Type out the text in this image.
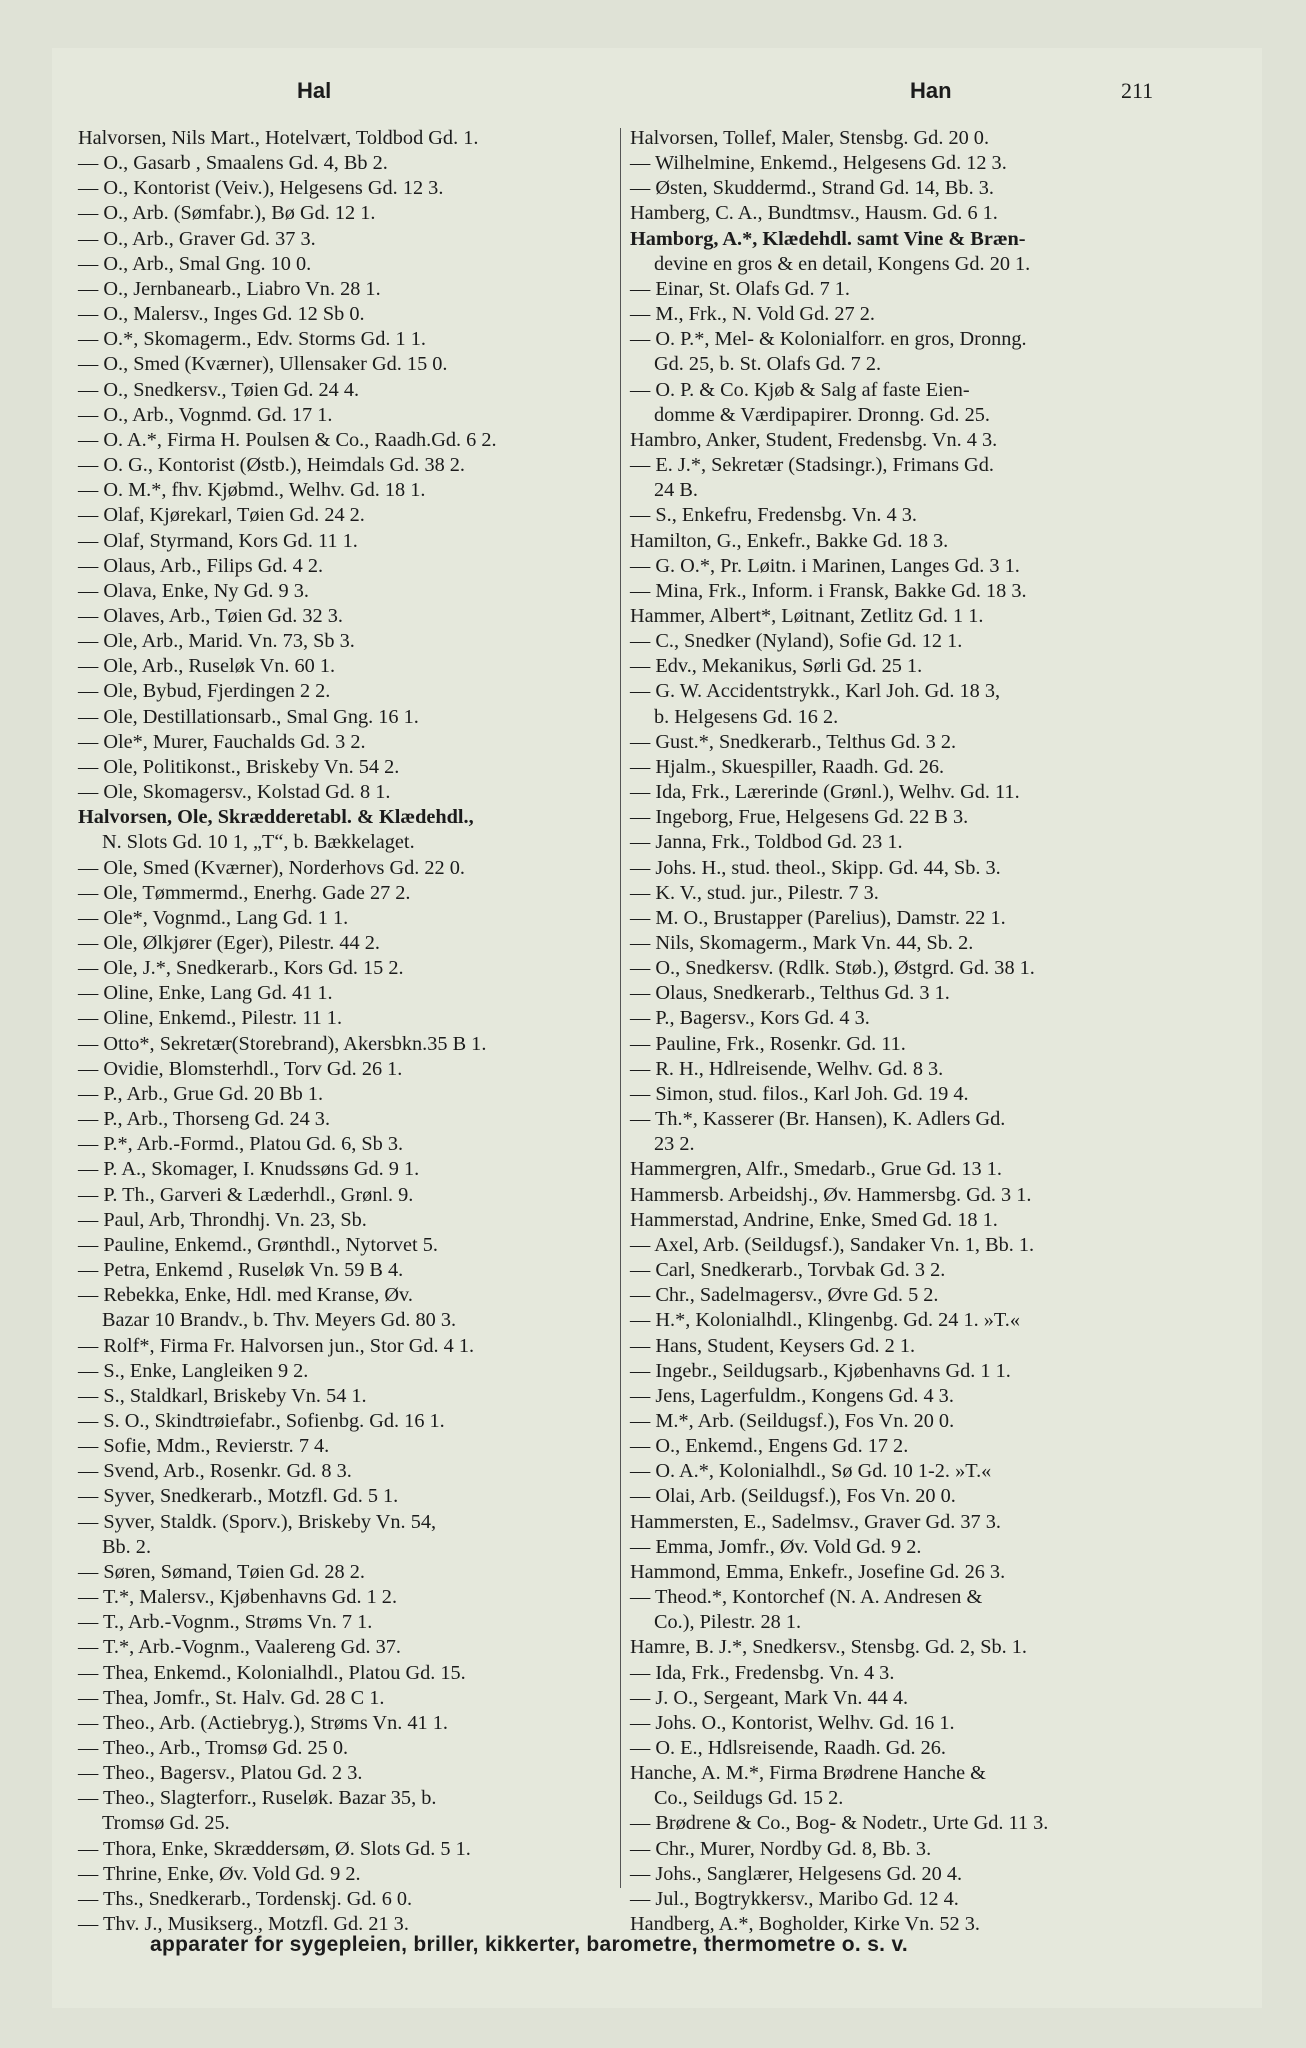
Hal	Han	211
Halvorsen, Nils Mart., Hotelvært, Toldbod Gd. 1.
— O., Gasarb , Smaalens Gd. 4, Bb 2.
— O., Kontorist (Veiv.), Helgesens Gd. 12 3.
— O., Arb. (Sømfabr.), Bø Gd. 12 1.
— O., Arb., Graver Gd. 37 3.
— O., Arb., Smal Gng. 10 0.
— O., Jernbanearb., Liabro Vn. 28 1.
— O., Malersv., Inges Gd. 12 Sb 0.
— O.*, Skomagerm., Edv. Storms Gd. 1 1.
— O., Smed (Kværner), Ullensaker Gd. 15 0.
— O., Snedkersv., Tøien Gd. 24 4.
— O., Arb., Vognmd. Gd. 17 1.
— O. A.*, Firma H. Poulsen & Co., Raadh.Gd. 6 2.
— O. G., Kontorist (Østb.), Heimdals Gd. 38 2.
— O. M.*, fhv. Kjøbmd., Welhv. Gd. 18 1.
— Olaf, Kjørekarl, Tøien Gd. 24 2.
— Olaf, Styrmand, Kors Gd. 11 1.
— Olaus, Arb., Filips Gd. 4 2.
— Olava, Enke, Ny Gd. 9 3.
— Olaves, Arb., Tøien Gd. 32 3.
— Ole, Arb., Marid. Vn. 73, Sb 3.
— Ole, Arb., Ruseløk Vn. 60 1.
— Ole, Bybud, Fjerdingen 2 2.
— Ole, Destillationsarb., Smal Gng. 16 1.
— Ole*, Murer, Fauchalds Gd. 3 2.
— Ole, Politikonst., Briskeby Vn. 54 2.
— Ole, Skomagersv., Kolstad Gd. 8 1.
Halvorsen, Ole, Skrædderetabl. & Klædehdl.,
N. Slots Gd. 10 1, „T“, b. Bækkelaget.
— Ole, Smed (Kværner), Norderhovs Gd. 22 0.
— Ole, Tømmermd., Enerhg. Gade 27 2.
— Ole*, Vognmd., Lang Gd. 1 1.
— Ole, Ølkjører (Eger), Pilestr. 44 2.
— Ole, J.*, Snedkerarb., Kors Gd. 15 2.
— Oline, Enke, Lang Gd. 41 1.
— Oline, Enkemd., Pilestr. 11 1.
— Otto*, Sekretær(Storebrand), Akersbkn.35 B 1.
— Ovidie, Blomsterhdl., Torv Gd. 26 1.
— P., Arb., Grue Gd. 20 Bb 1.
— P., Arb., Thorseng Gd. 24 3.
— P.*, Arb.-Formd., Platou Gd. 6, Sb 3.
— P. A., Skomager, I. Knudssøns Gd. 9 1.
— P. Th., Garveri & Læderhdl., Grønl. 9.
— Paul, Arb, Throndhj. Vn. 23, Sb.
— Pauline, Enkemd., Grønthdl., Nytorvet 5.
— Petra, Enkemd , Ruseløk Vn. 59 B 4.
— Rebekka, Enke, Hdl. med Kranse, Øv.
Bazar 10 Brandv., b. Thv. Meyers Gd. 80 3.
— Rolf*, Firma Fr. Halvorsen jun., Stor Gd. 4 1.
— S., Enke, Langleiken 9 2.
— S., Staldkarl, Briskeby Vn. 54 1.
— S. O., Skindtrøiefabr., Sofienbg. Gd. 16 1.
— Sofie, Mdm., Revierstr. 7 4.
— Svend, Arb., Rosenkr. Gd. 8 3.
— Syver, Snedkerarb., Motzfl. Gd. 5 1.
— Syver, Staldk. (Sporv.), Briskeby Vn. 54,
Bb. 2.
— Søren, Sømand, Tøien Gd. 28 2.
— T.*, Malersv., Kjøbenhavns Gd. 1 2.
— T., Arb.-Vognm., Strøms Vn. 7 1.
— T.*, Arb.-Vognm., Vaalereng Gd. 37.
— Thea, Enkemd., Kolonialhdl., Platou Gd. 15.
— Thea, Jomfr., St. Halv. Gd. 28 C 1.
— Theo., Arb. (Actiebryg.), Strøms Vn. 41 1.
— Theo., Arb., Tromsø Gd. 25 0.
— Theo., Bagersv., Platou Gd. 2 3.
— Theo., Slagterforr., Ruseløk. Bazar 35, b.
Tromsø Gd. 25.
— Thora, Enke, Skræddersøm, Ø. Slots Gd. 5 1.
— Thrine, Enke, Øv. Vold Gd. 9 2.
— Ths., Snedkerarb., Tordenskj. Gd. 6 0.
— Thv. J., Musikserg., Motzfl. Gd. 21 3.
Halvorsen, Tollef, Maler, Stensbg. Gd. 20 0.
— Wilhelmine, Enkemd., Helgesens Gd. 12 3.
— Østen, Skuddermd., Strand Gd. 14, Bb. 3.
Hamberg, C. A., Bundtmsv., Hausm. Gd. 6 1.
Hamborg, A.*, Klædehdl. samt Vine & Bræn-
devine en gros & en detail, Kongens Gd. 20 1.
— Einar, St. Olafs Gd. 7 1.
— M., Frk., N. Vold Gd. 27 2.
— O. P.*, Mel- & Kolonialforr. en gros, Dronng.
Gd. 25, b. St. Olafs Gd. 7 2.
— O. P. & Co. Kjøb & Salg af faste Eien-
domme & Værdipapirer. Dronng. Gd. 25.
Hambro, Anker, Student, Fredensbg. Vn. 4 3.
— E. J.*, Sekretær (Stadsingr.), Frimans Gd.
24 B.
— S., Enkefru, Fredensbg. Vn. 4 3.
Hamilton, G., Enkefr., Bakke Gd. 18 3.
— G. O.*, Pr. Løitn. i Marinen, Langes Gd. 3 1.
— Mina, Frk., Inform. i Fransk, Bakke Gd. 18 3.
Hammer, Albert*, Løitnant, Zetlitz Gd. 1 1.
— C., Snedker (Nyland), Sofie Gd. 12 1.
— Edv., Mekanikus, Sørli Gd. 25 1.
— G. W. Accidentstrykk., Karl Joh. Gd. 18 3,
b. Helgesens Gd. 16 2.
— Gust.*, Snedkerarb., Telthus Gd. 3 2.
— Hjalm., Skuespiller, Raadh. Gd. 26.
— Ida, Frk., Lærerinde (Grønl.), Welhv. Gd. 11.
— Ingeborg, Frue, Helgesens Gd. 22 B 3.
— Janna, Frk., Toldbod Gd. 23 1.
— Johs. H., stud. theol., Skipp. Gd. 44, Sb. 3.
— K. V., stud. jur., Pilestr. 7 3.
— M. O., Brustapper (Parelius), Damstr. 22 1.
— Nils, Skomagerm., Mark Vn. 44, Sb. 2.
— O., Snedkersv. (Rdlk. Støb.), Østgrd. Gd. 38 1.
— Olaus, Snedkerarb., Telthus Gd. 3 1.
— P., Bagersv., Kors Gd. 4 3.
— Pauline, Frk., Rosenkr. Gd. 11.
— R. H., Hdlreisende, Welhv. Gd. 8 3.
— Simon, stud. filos., Karl Joh. Gd. 19 4.
— Th.*, Kasserer (Br. Hansen), K. Adlers Gd.
23 2.
Hammergren, Alfr., Smedarb., Grue Gd. 13 1.
Hammersb. Arbeidshj., Øv. Hammersbg. Gd. 3 1.
Hammerstad, Andrine, Enke, Smed Gd. 18 1.
— Axel, Arb. (Seildugsf.), Sandaker Vn. 1, Bb. 1.
— Carl, Snedkerarb., Torvbak Gd. 3 2.
— Chr., Sadelmagersv., Øvre Gd. 5 2.
— H.*, Kolonialhdl., Klingenbg. Gd. 24 1. »T.«
— Hans, Student, Keysers Gd. 2 1.
— Ingebr., Seildugsarb., Kjøbenhavns Gd. 1 1.
— Jens, Lagerfuldm., Kongens Gd. 4 3.
— M.*, Arb. (Seildugsf.), Fos Vn. 20 0.
— O., Enkemd., Engens Gd. 17 2.
— O. A.*, Kolonialhdl., Sø Gd. 10 1-2. »T.«
— Olai, Arb. (Seildugsf.), Fos Vn. 20 0.
Hammersten, E., Sadelmsv., Graver Gd. 37 3.
— Emma, Jomfr., Øv. Vold Gd. 9 2.
Hammond, Emma, Enkefr., Josefine Gd. 26 3.
— Theod.*, Kontorchef (N. A. Andresen &
Co.), Pilestr. 28 1.
Hamre, B. J.*, Snedkersv., Stensbg. Gd. 2, Sb. 1.
— Ida, Frk., Fredensbg. Vn. 4 3.
— J. O., Sergeant, Mark Vn. 44 4.
— Johs. O., Kontorist, Welhv. Gd. 16 1.
— O. E., Hdlsreisende, Raadh. Gd. 26.
Hanche, A. M.*, Firma Brødrene Hanche &
Co., Seildugs Gd. 15 2.
— Brødrene & Co., Bog- & Nodetr., Urte Gd. 11 3.
— Chr., Murer, Nordby Gd. 8, Bb. 3.
— Johs., Sanglærer, Helgesens Gd. 20 4.
— Jul., Bogtrykkersv., Maribo Gd. 12 4.
Handberg, A.*, Bogholder, Kirke Vn. 52 3.
apparater for sygepleien, briller, kikkerter, barometre, thermometre o. s. v.
